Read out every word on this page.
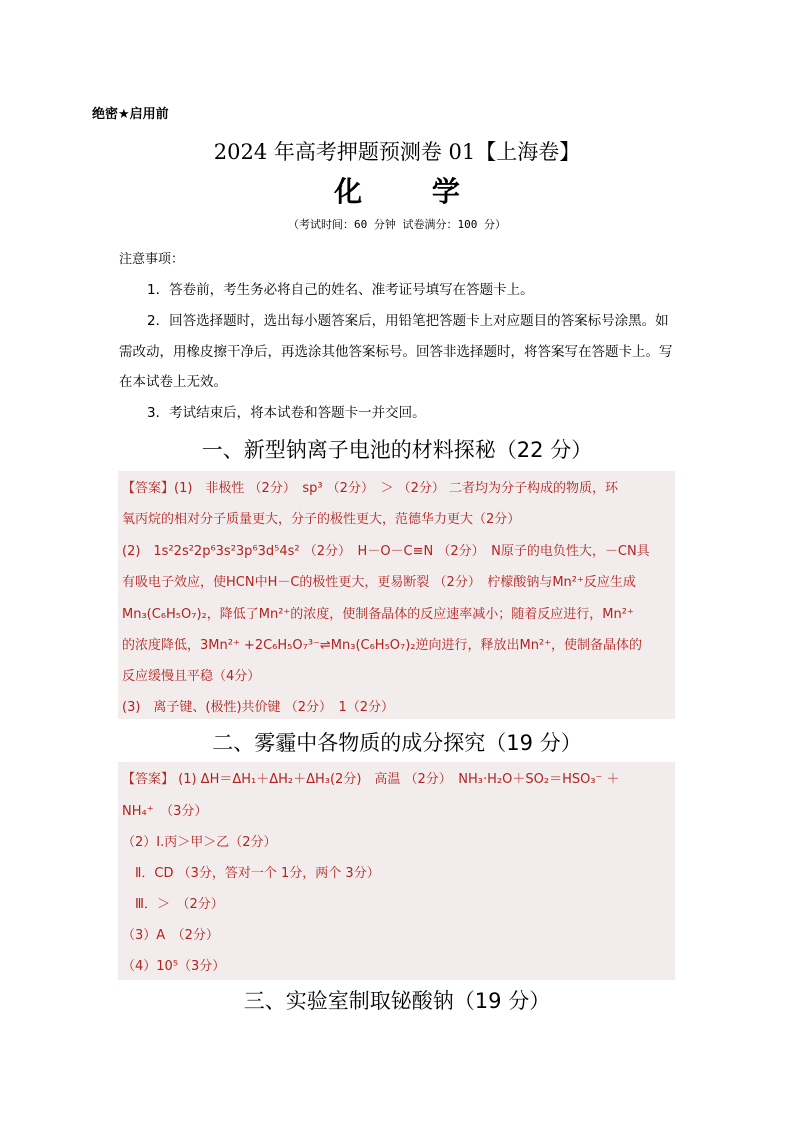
绝密★启用前
2024 年高考押题预测卷 01【上海卷】
化 学
（考试时间：60 分钟 试卷满分：100 分）
注意事项：
1．答卷前，考生务必将自己的姓名、准考证号填写在答题卡上。
2．回答选择题时，选出每小题答案后，用铅笔把答题卡上对应题目的答案标号涂黑。如需改动，用橡皮擦干净后，再选涂其他答案标号。回答非选择题时，将答案写在答题卡上。写在本试卷上无效。
3．考试结束后，将本试卷和答题卡一并交回。
一、新型钠离子电池的材料探秘（22 分）
【答案】(1)　非极性 （2分）　sp³ （2分）　＞ （2分） 二者均为分子构成的物质，环
氧丙烷的相对分子质量更大，分子的极性更大，范德华力更大（2分）
(2)　1s²2s²2p⁶3s²3p⁶3d⁵4s² （2分）　H－O－C≡N （2分）　N原子的电负性大，－CN具
有吸电子效应，使HCN中H－C的极性更大，更易断裂 （2分）　柠檬酸钠与Mn²⁺反应生成
Mn₃(C₆H₅O₇)₂，降低了Mn²⁺的浓度，使制备晶体的反应速率减小；随着反应进行，Mn²⁺
的浓度降低，3Mn²⁺ +2C₆H₅O₇³⁻⇌Mn₃(C₆H₅O₇)₂逆向进行，释放出Mn²⁺，使制备晶体的
反应缓慢且平稳（4分）
(3)　离子键、(极性)共价键 （2分）　1（2分）
二、雾霾中各物质的成分探究（19 分）
【答案】 (1) ΔH＝ΔH₁＋ΔH₂＋ΔH₃(2分)　高温 （2分）　NH₃·H₂O＋SO₂＝HSO₃⁻ ＋
NH₄⁺　（3分）
（2）Ⅰ.丙＞甲＞乙（2分）
　Ⅱ．CD （3分，答对一个 1分，两个 3分）
　Ⅲ．＞　（2分）
（3）A　（2分）
（4）10⁵（3分）
三、实验室制取铋酸钠（19 分）
